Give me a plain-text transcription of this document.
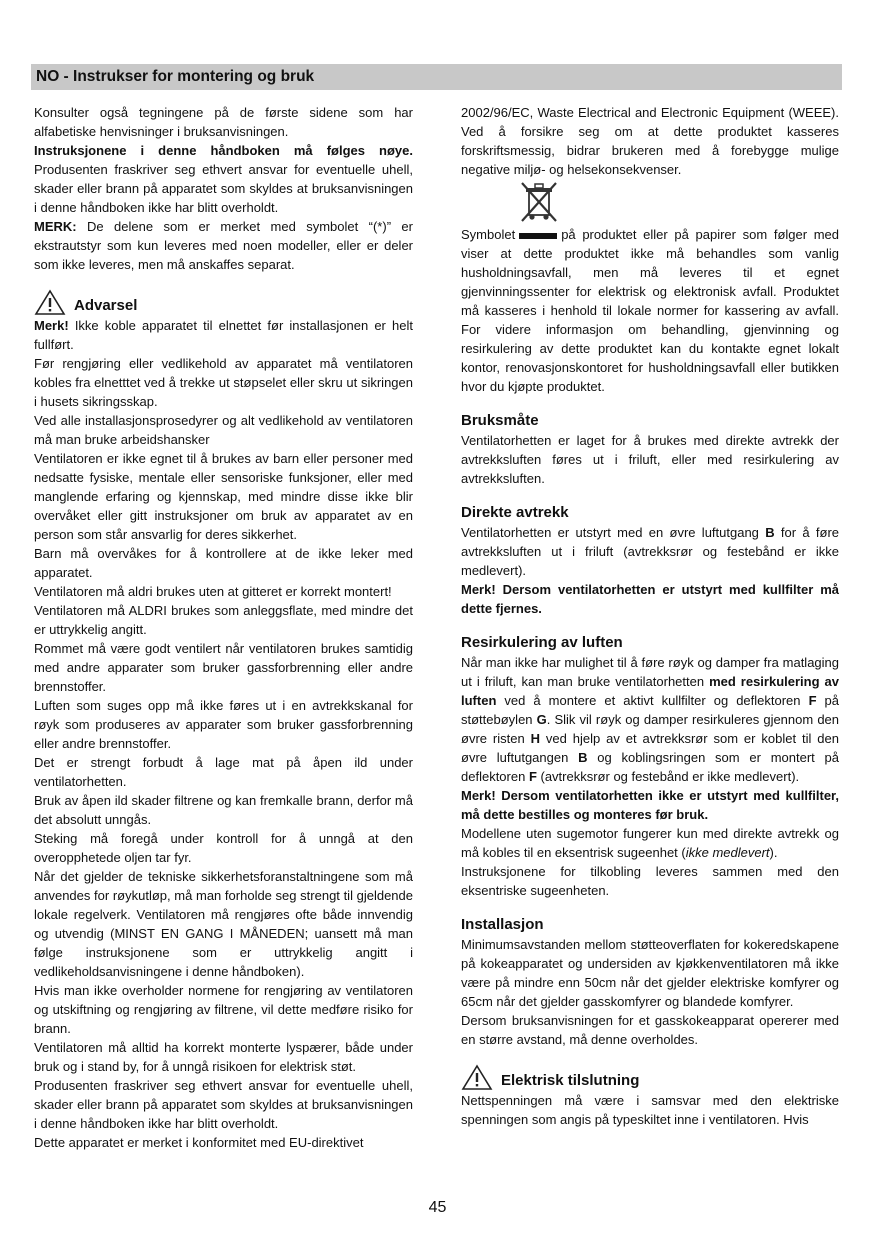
NO - Instrukser for montering og bruk

Konsulter også tegningene på de første sidene som har alfabetiske henvisninger i bruksanvisningen.

Instruksjonene i denne håndboken må følges nøye. Produsenten fraskriver seg ethvert ansvar for eventuelle uhell, skader eller brann på apparatet som skyldes at bruksanvisningen i denne håndboken ikke har blitt overholdt.

MERK: De delene som er merket med symbolet “(*)” er ekstrautstyr som kun leveres med noen modeller, eller er deler som ikke leveres, men må anskaffes separat.

Advarsel

Merk! Ikke koble apparatet til elnettet før installasjonen er helt fullført.

Før rengjøring eller vedlikehold av apparatet må ventilatoren kobles fra elnetttet ved å trekke ut støpselet eller skru ut sikringen i husets sikringsskap.

Ved alle installasjonsprosedyrer og alt vedlikehold av ventilatoren må man bruke arbeidshansker

Ventilatoren er ikke egnet til å brukes av barn eller personer med nedsatte fysiske, mentale eller sensoriske funksjoner, eller med manglende erfaring og kjennskap, med mindre disse ikke blir overvåket eller gitt instruksjoner om bruk av apparatet av en person som står ansvarlig for deres sikkerhet.

Barn må overvåkes for å kontrollere at de ikke leker med apparatet.

Ventilatoren må aldri brukes uten at gitteret er korrekt montert!

Ventilatoren må ALDRI brukes som anleggsflate, med mindre det er uttrykkelig angitt.

Rommet må være godt ventilert når ventilatoren brukes samtidig med andre apparater som bruker gassforbrenning eller andre brennstoffer.

Luften som suges opp må ikke føres ut i en avtrekkskanal for røyk som produseres av apparater som bruker gassforbrenning eller andre brennstoffer.

Det er strengt forbudt å lage mat på åpen ild under ventilatorhetten.

Bruk av åpen ild skader filtrene og kan fremkalle brann, derfor må det absolutt unngås.

Steking må foregå under kontroll for å unngå at den overopphetede oljen tar fyr.

Når det gjelder de tekniske sikkerhetsforanstaltningene som må anvendes for røykutløp, må man forholde seg strengt til gjeldende lokale regelverk. Ventilatoren må rengjøres ofte både innvendig og utvendig (MINST EN GANG I MÅNEDEN; uansett må man følge instruksjonene som er uttrykkelig angitt i vedlikeholdsanvisningene i denne håndboken).

Hvis man ikke overholder normene for rengjøring av ventilatoren og utskiftning og rengjøring av filtrene, vil dette medføre risiko for brann.

Ventilatoren må alltid ha korrekt monterte lyspærer, både under bruk og i stand by, for å unngå risikoen for elektrisk støt.

Produsenten fraskriver seg ethvert ansvar for eventuelle uhell, skader eller brann på apparatet som skyldes at bruksanvisningen i denne håndboken ikke har blitt overholdt.

Dette apparatet er merket i konformitet med EU-direktivet

2002/96/EC, Waste Electrical and Electronic Equipment (WEEE). Ved å forsikre seg om at dette produktet kasseres forskriftsmessig, bidrar brukeren med å forebygge mulige negative miljø- og helsekonsekvenser.

Symbolet	på produktet eller på papirer som følger med viser at dette produktet ikke må behandles som vanlig husholdningsavfall, men må leveres til et egnet gjenvinningssenter for elektrisk og elektronisk avfall. Produktet må kasseres i henhold til lokale normer for kassering av avfall. For videre informasjon om behandling, gjenvinning og resirkulering av dette produktet kan du kontakte egnet lokalt kontor, renovasjonskontoret for husholdningsavfall eller butikken hvor du kjøpte produktet.

Bruksmåte

Ventilatorhetten er laget for å brukes med direkte avtrekk der avtrekksluften føres ut i friluft, eller med resirkulering av avtrekksluften.

Direkte avtrekk

Ventilatorhetten er utstyrt med en øvre luftutgang B for å føre avtrekksluften ut i friluft (avtrekksrør og festebånd er ikke medlevert).

Merk! Dersom ventilatorhetten er utstyrt med kullfilter må dette fjernes.

Resirkulering av luften

Når man ikke har mulighet til å føre røyk og damper fra matlaging ut i friluft, kan man bruke ventilatorhetten med resirkulering av luften ved å montere et aktivt kullfilter og deflektoren F på støttebøylen G. Slik vil røyk og damper resirkuleres gjennom den øvre risten H ved hjelp av et avtrekksrør som er koblet til den øvre luftutgangen B og koblingsringen som er montert på deflektoren F (avtrekksrør og festebånd er ikke medlevert).

Merk! Dersom ventilatorhetten ikke er utstyrt med kullfilter, må dette bestilles og monteres før bruk.

Modellene uten sugemotor fungerer kun med direkte avtrekk og må kobles til en eksentrisk sugeenhet (ikke medlevert).

Instruksjonene for tilkobling leveres sammen med den eksentriske sugeenheten.

Installasjon

Minimumsavstanden mellom støtteoverflaten for kokeredskapene på kokeapparatet og undersiden av kjøkkenventilatoren må ikke være på mindre enn 50cm når det gjelder elektriske komfyrer og 65cm når det gjelder gasskomfyrer og blandede komfyrer.

Dersom bruksanvisningen for et gasskokeapparat opererer med en større avstand, må denne overholdes.

Elektrisk tilslutning

Nettspenningen må være i samsvar med den elektriske spenningen som angis på typeskiltet inne i ventilatoren. Hvis

45
